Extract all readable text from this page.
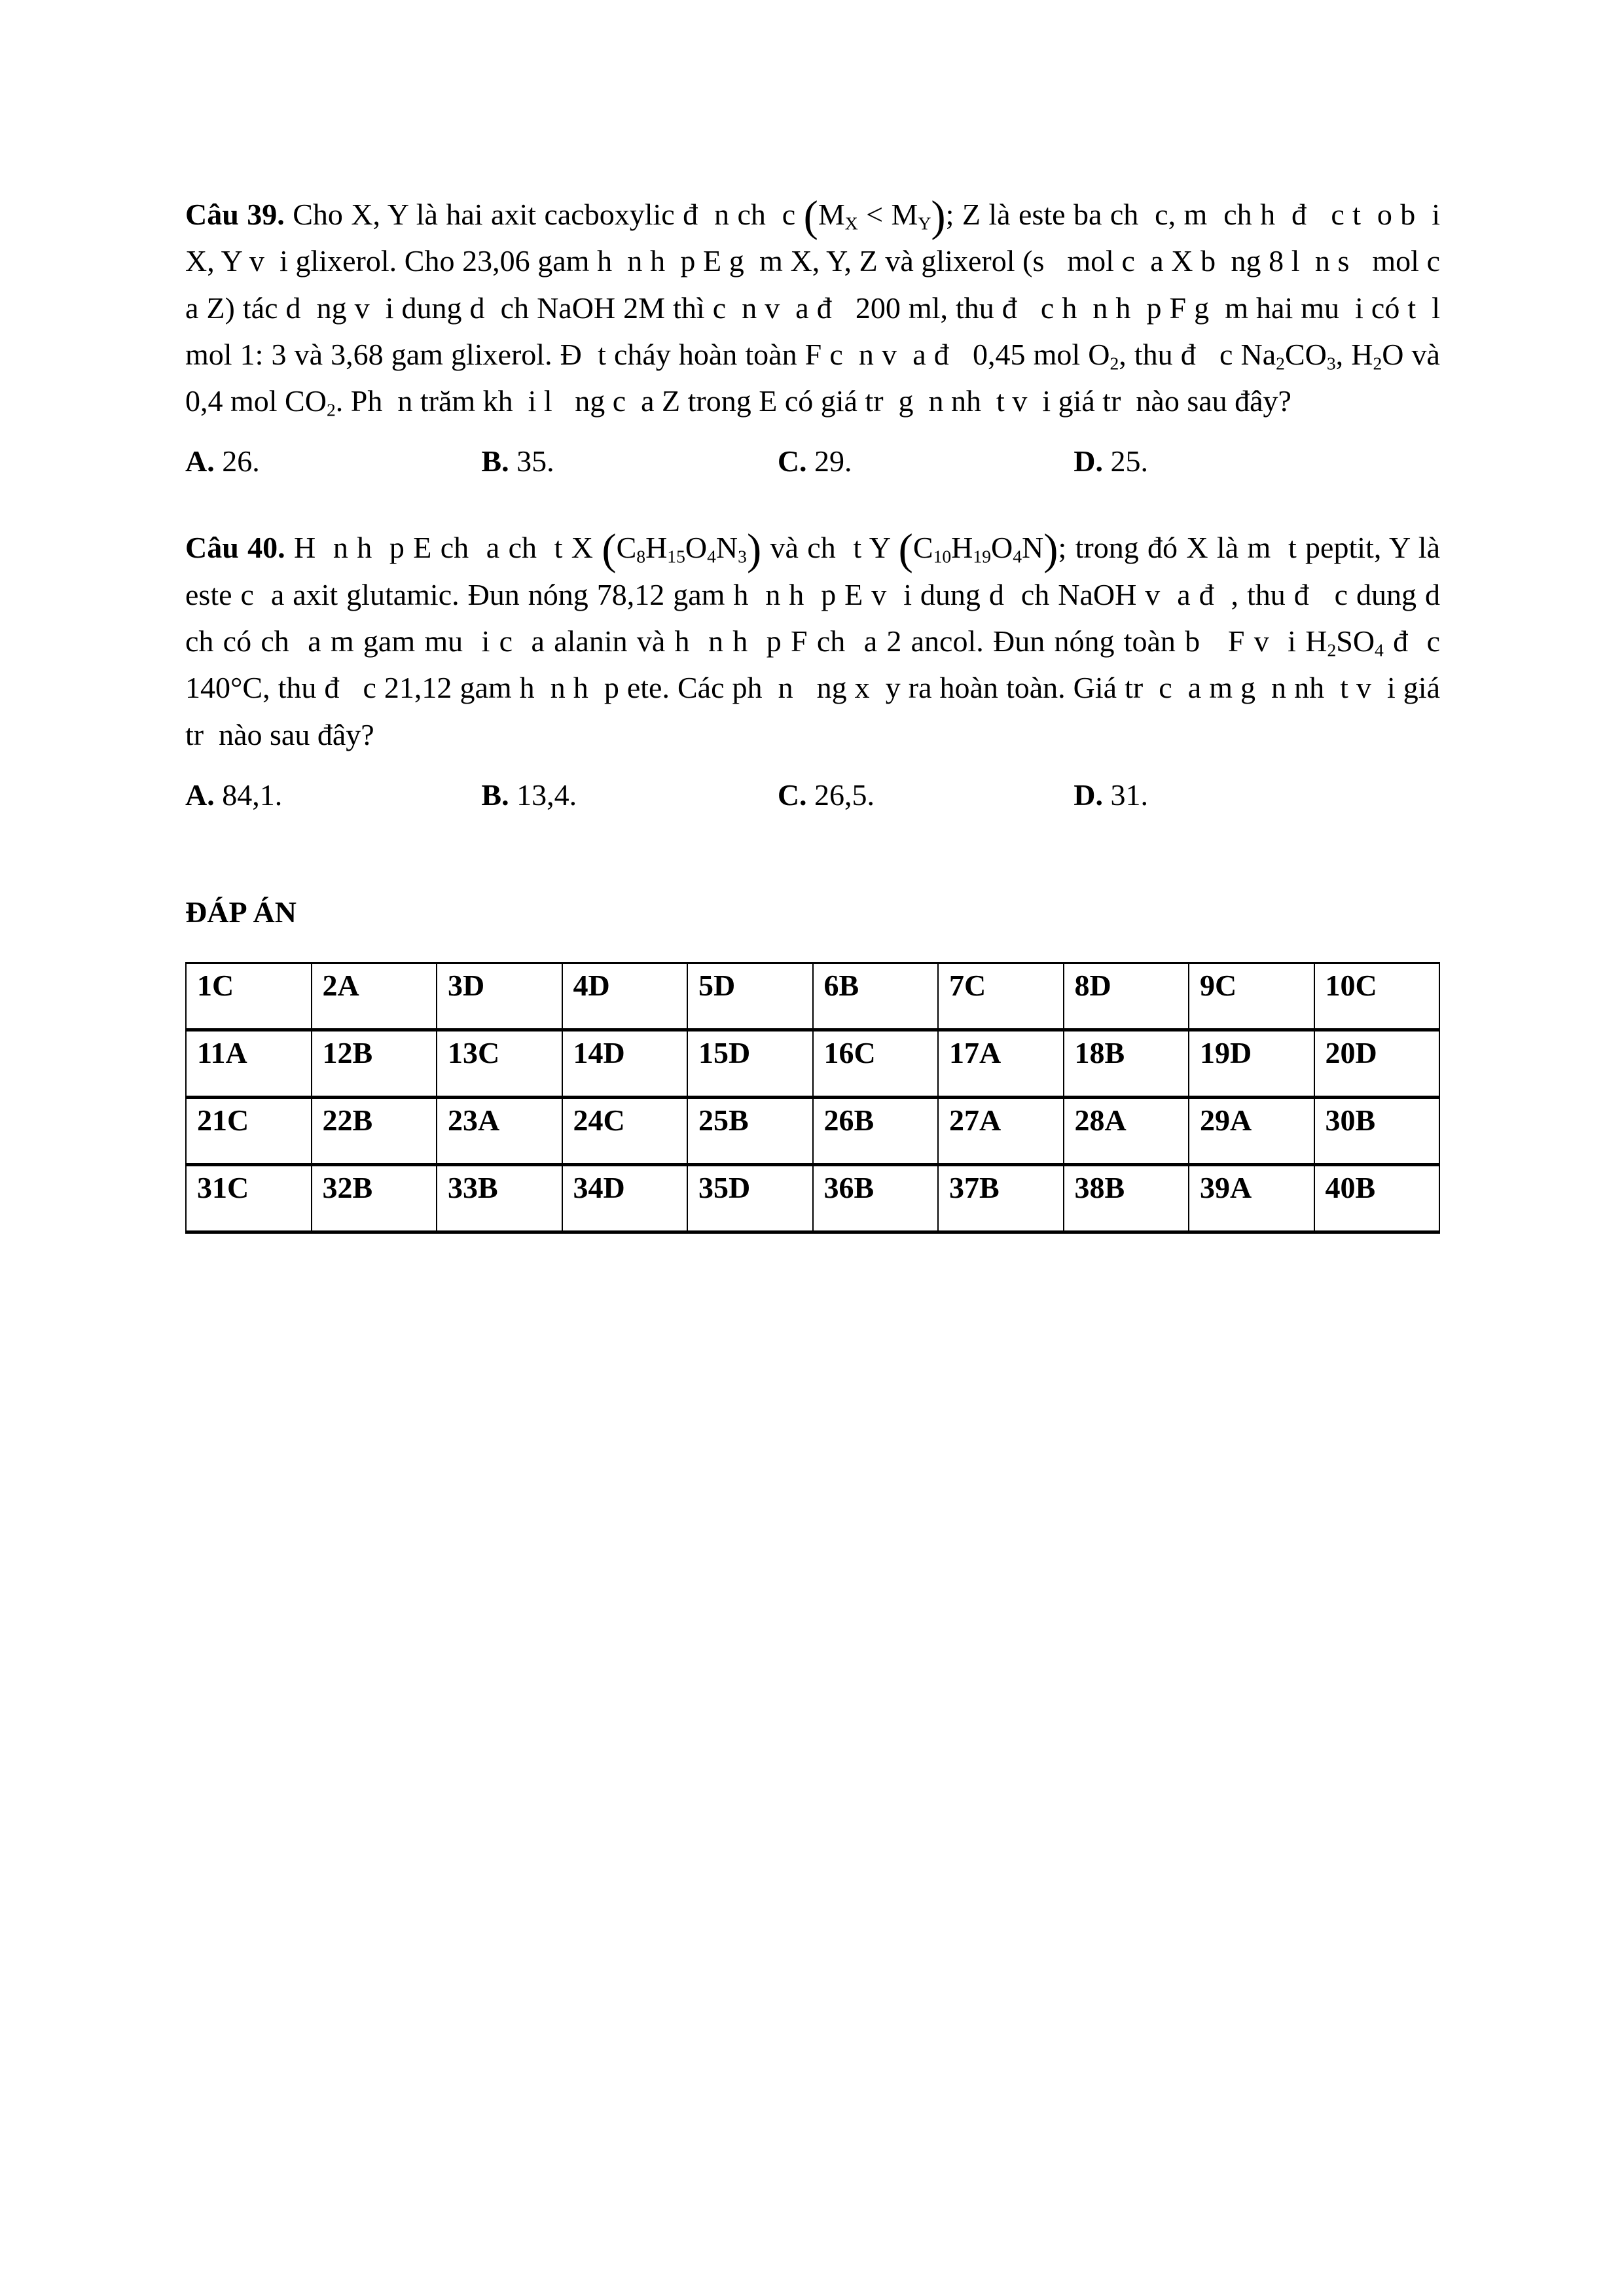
Câu 39. Cho X, Y là hai axit cacboxylic đ  n ch  c $(M_X < M_Y)$; Z là este ba ch  c, m  ch h  đ   c t  o b  i X, Y v  i glixerol. Cho 23,06 gam h  n h  p E g  m X, Y, Z và glixerol (s   mol c  a X b  ng 8 l  n s   mol c  a Z) tác d  ng v  i dung d  ch NaOH 2M thì c  n v  a đ   200 ml, thu đ   c h  n h  p F g  m hai mu  i có t  l   mol 1: 3 và 3,68 gam glixerol. Đ  t cháy hoàn toàn F c  n v  a đ   0,45 mol $O_2$, thu đ   c $Na_2CO_3$, $H_2O$ và 0,4 mol $CO_2$. Ph  n trăm kh  i l   ng c  a Z trong E có giá tr  g  n nh  t v  i giá tr  nào sau đây?

A. 26.	B. 35.	C. 29.	D. 25.

Câu 40. H  n h  p E ch  a ch  t X $(C_8H_{15}O_4N_3)$ và ch  t Y $(C_{10}H_{19}O_4N)$; trong đó X là m  t peptit, Y là este c  a axit glutamic. Đun nóng 78,12 gam h  n h  p E v  i dung d  ch NaOH v  a đ  , thu đ   c dung d  ch có ch  a m gam mu  i c  a alanin và h  n h  p F ch  a 2 ancol. Đun nóng toàn b   F v  i $H_2SO_4$ đ  c    140°C, thu đ   c 21,12 gam h  n h  p ete. Các ph  n   ng x  y ra hoàn toàn. Giá tr  c  a m g  n nh  t v  i giá tr  nào sau đây?

A. 84,1.	B. 13,4.	C. 26,5.	D. 31.
ĐÁP ÁN
1C	2A	3D	4D	5D	6B	7C	8D	9C	10C
11A	12B	13C	14D	15D	16C	17A	18B	19D	20D
21C	22B	23A	24C	25B	26B	27A	28A	29A	30B
31C	32B	33B	34D	35D	36B	37B	38B	39A	40B
